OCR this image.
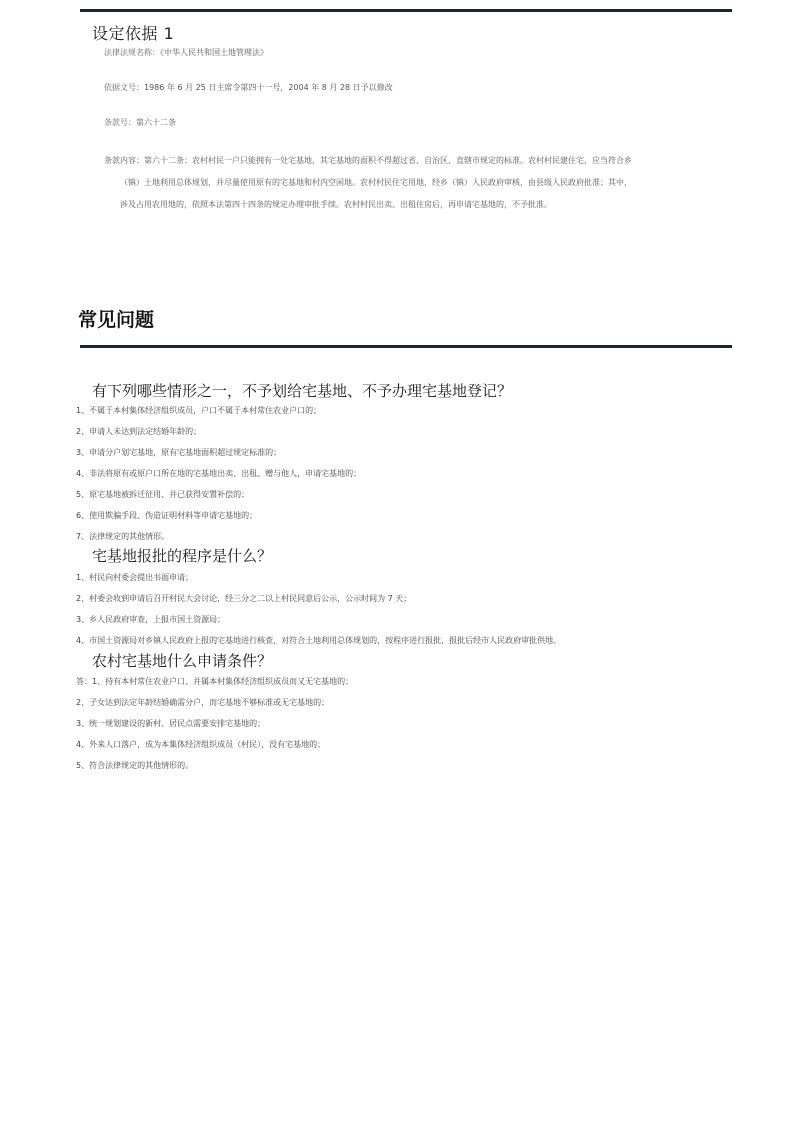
设定依据 1
法律法规名称：《中华人民共和国土地管理法》
依据文号：1986 年 6 月 25 日主席令第四十一号，2004 年 8 月 28 日予以修改
条款号：第六十二条
条款内容：第六十二条：农村村民一户只能拥有一处宅基地，其宅基地的面积不得超过省、自治区、直辖市规定的标准。农村村民建住宅，应当符合乡
（镇）土地利用总体规划，并尽量使用原有的宅基地和村内空闲地。农村村民住宅用地，经乡（镇）人民政府审核，由县级人民政府批准；其中，
涉及占用农用地的，依照本法第四十四条的规定办理审批手续。农村村民出卖、出租住房后，再申请宅基地的，不予批准。
常见问题
有下列哪些情形之一，不予划给宅基地、不予办理宅基地登记？
1、不属于本村集体经济组织成员，户口不属于本村常住农业户口的；
2、申请人未达到法定结婚年龄的；
3、申请分户划宅基地，原有宅基地面积超过规定标准的；
4、非法将原有或原户口所在地的宅基地出卖、出租、赠与他人，申请宅基地的；
5、原宅基地被拆迁征用、并已获得安置补偿的；
6、使用欺骗手段、伪造证明材料等申请宅基地的；
7、法律规定的其他情形。
宅基地报批的程序是什么？
1、村民向村委会提出书面申请；
2、村委会收到申请后召开村民大会讨论，经三分之二以上村民同意后公示，公示时间为 7 天；
3、乡人民政府审查，上报市国土资源局；
4、市国土资源局对乡镇人民政府上报的宅基地进行核查，对符合土地利用总体规划的，按程序进行报批，报批后经市人民政府审批供地。
农村宅基地什么申请条件？
答：1、持有本村常住农业户口、并属本村集体经济组织成员而又无宅基地的；
2、子女达到法定年龄结婚确需分户，而宅基地不够标准或无宅基地的；
3、统一规划建设的新村、居民点需要安排宅基地的；
4、外来人口落户，成为本集体经济组织成员（村民），没有宅基地的；
5、符合法律规定的其他情形的。
